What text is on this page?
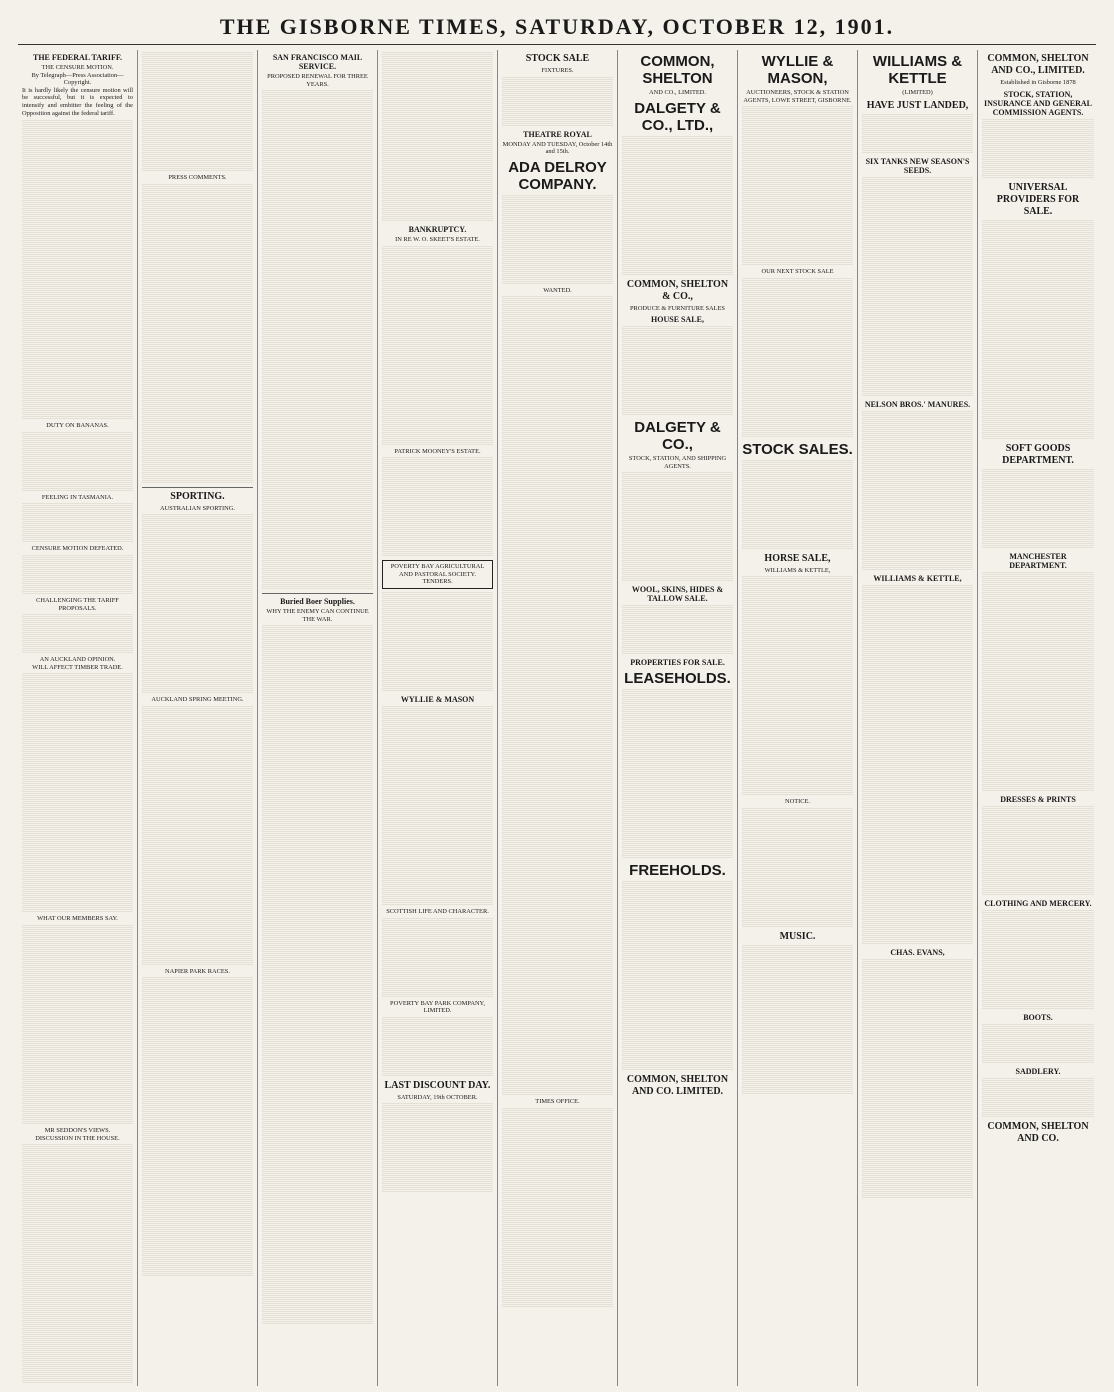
THE GISBORNE TIMES, SATURDAY, OCTOBER 12, 1901.
THE FEDERAL TARIFF.
THE CENSURE MOTION.
By Telegraph—Press Association—Copyright.
It is hardly likely the censure motion will be successful, but it is expected to intensify and embitter the feeling of the Opposition against the federal tariff.
DUTY ON BANANAS.
FEELING IN TASMANIA.
CENSURE MOTION DEFEATED.
CHALLENGING THE TARIFF PROPOSALS.
AN AUCKLAND OPINION.
WILL AFFECT TIMBER TRADE.
WHAT OUR MEMBERS SAY.
MR SEDDON'S VIEWS.
DISCUSSION IN THE HOUSE.
PRESS COMMENTS.
SPORTING.
AUSTRALIAN SPORTING.
AUCKLAND SPRING MEETING.
NAPIER PARK RACES.
SAN FRANCISCO MAIL SERVICE.
PROPOSED RENEWAL FOR THREE YEARS.
Buried Boer Supplies.
WHY THE ENEMY CAN CONTINUE THE WAR.
BANKRUPTCY.
IN RE W. O. SKEET'S ESTATE.
PATRICK MOONEY'S ESTATE.
POVERTY BAY AGRICULTURAL AND PASTORAL SOCIETY.
TENDERS.
WYLLIE & MASON
SCOTTISH LIFE AND CHARACTER.
POVERTY BAY PARK COMPANY, LIMITED.
LAST DISCOUNT DAY.
SATURDAY, 19th OCTOBER.
STOCK SALE
FIXTURES.
THEATRE ROYAL
MONDAY AND TUESDAY, October 14th and 15th.
ADA DELROY COMPANY.
WANTED.
TIMES OFFICE.
COMMON, SHELTON
AND CO., LIMITED.
DALGETY & CO., LTD.,
COMMON, SHELTON & CO.,
PRODUCE & FURNITURE SALES
HOUSE SALE,
DALGETY & CO.,
STOCK, STATION, AND SHIPPING AGENTS.
WOOL, SKINS, HIDES & TALLOW SALE.
PROPERTIES FOR SALE.
LEASEHOLDS.
FREEHOLDS.
COMMON, SHELTON AND CO. LIMITED.
WYLLIE & MASON,
AUCTIONEERS, STOCK & STATION AGENTS, LOWE STREET, GISBORNE.
OUR NEXT STOCK SALE
STOCK SALES.
HORSE SALE,
WILLIAMS & KETTLE,
NOTICE.
MUSIC.
WILLIAMS & KETTLE
(LIMITED)
HAVE JUST LANDED,
SIX TANKS NEW SEASON'S SEEDS.
NELSON BROS.' MANURES.
WILLIAMS & KETTLE,
CHAS. EVANS,
COMMON, SHELTON AND CO., LIMITED.
Established in Gisborne 1878
STOCK, STATION, INSURANCE AND GENERAL COMMISSION AGENTS.
UNIVERSAL PROVIDERS FOR SALE.
SOFT GOODS DEPARTMENT.
MANCHESTER DEPARTMENT.
DRESSES & PRINTS
CLOTHING AND MERCERY.
BOOTS.
SADDLERY.
COMMON, SHELTON AND CO.
